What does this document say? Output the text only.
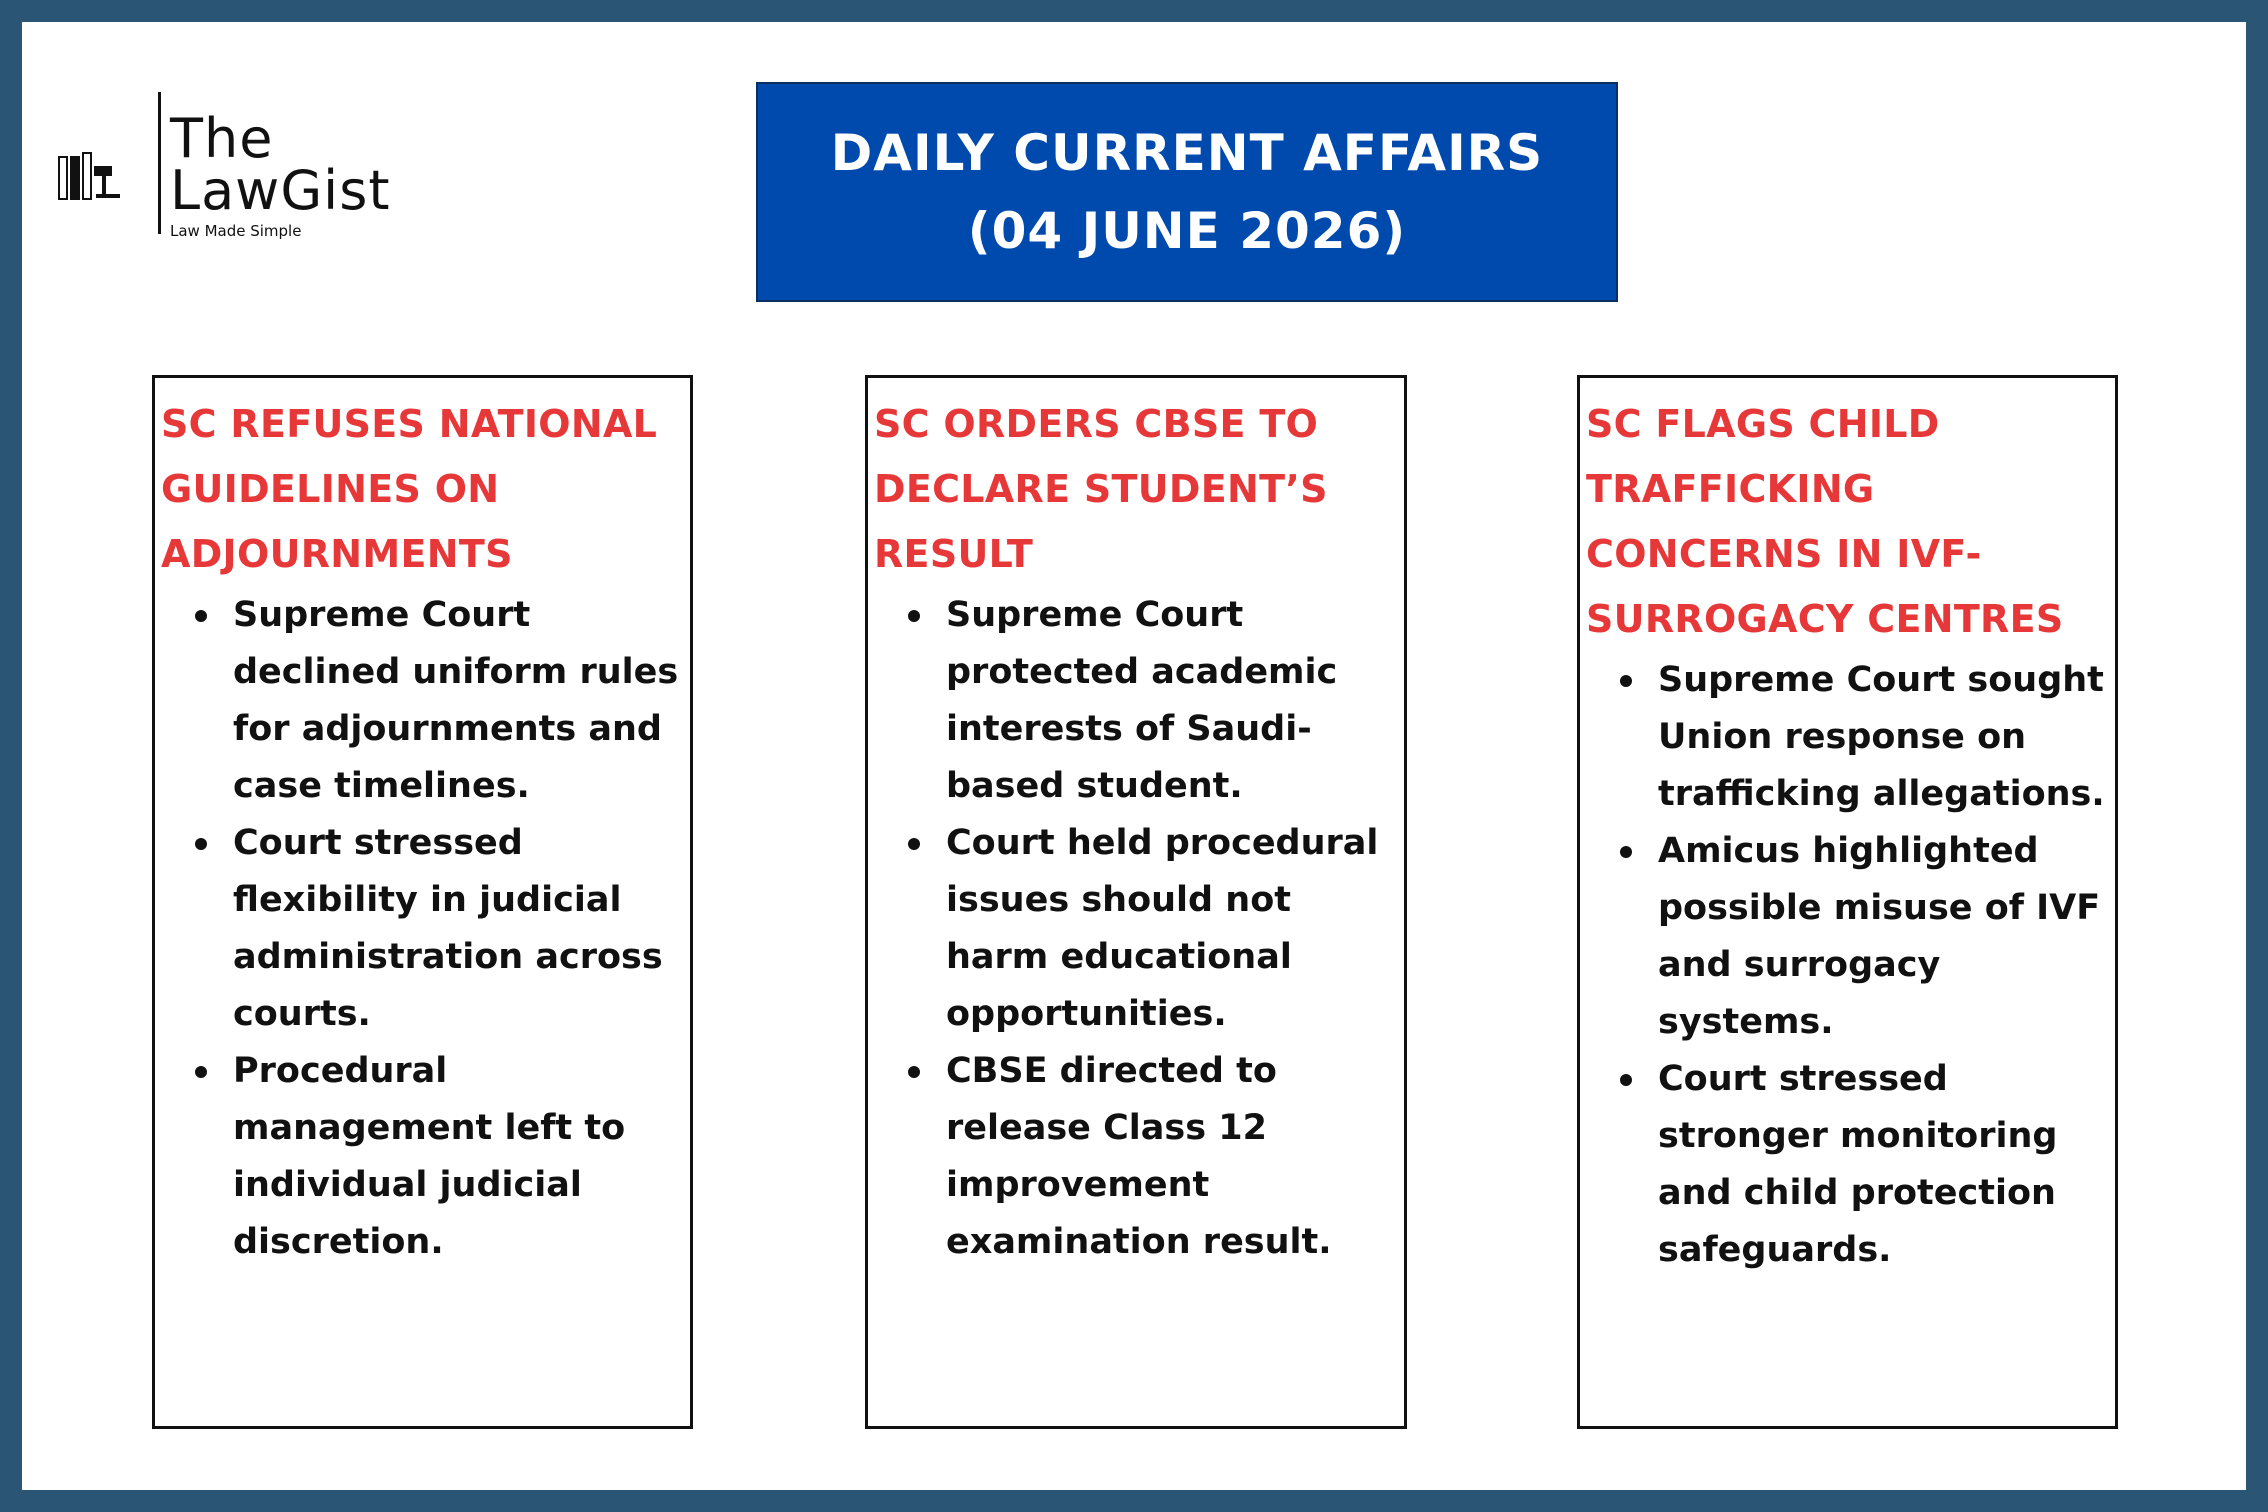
The
LawGist
Law Made Simple
DAILY CURRENT AFFAIRS
(04 JUNE 2026)
SC REFUSES NATIONAL GUIDELINES ON ADJOURNMENTS
Supreme Court declined uniform rules for adjournments and case timelines.
Court stressed flexibility in judicial administration across courts.
Procedural management left to individual judicial discretion.
SC ORDERS CBSE TO DECLARE STUDENT’S RESULT
Supreme Court protected academic interests of Saudi-based student.
Court held procedural issues should not harm educational opportunities.
CBSE directed to release Class 12 improvement examination result.
SC FLAGS CHILD TRAFFICKING CONCERNS IN IVF-SURROGACY CENTRES
Supreme Court sought Union response on trafficking allegations.
Amicus highlighted possible misuse of IVF and surrogacy systems.
Court stressed stronger monitoring and child protection safeguards.
